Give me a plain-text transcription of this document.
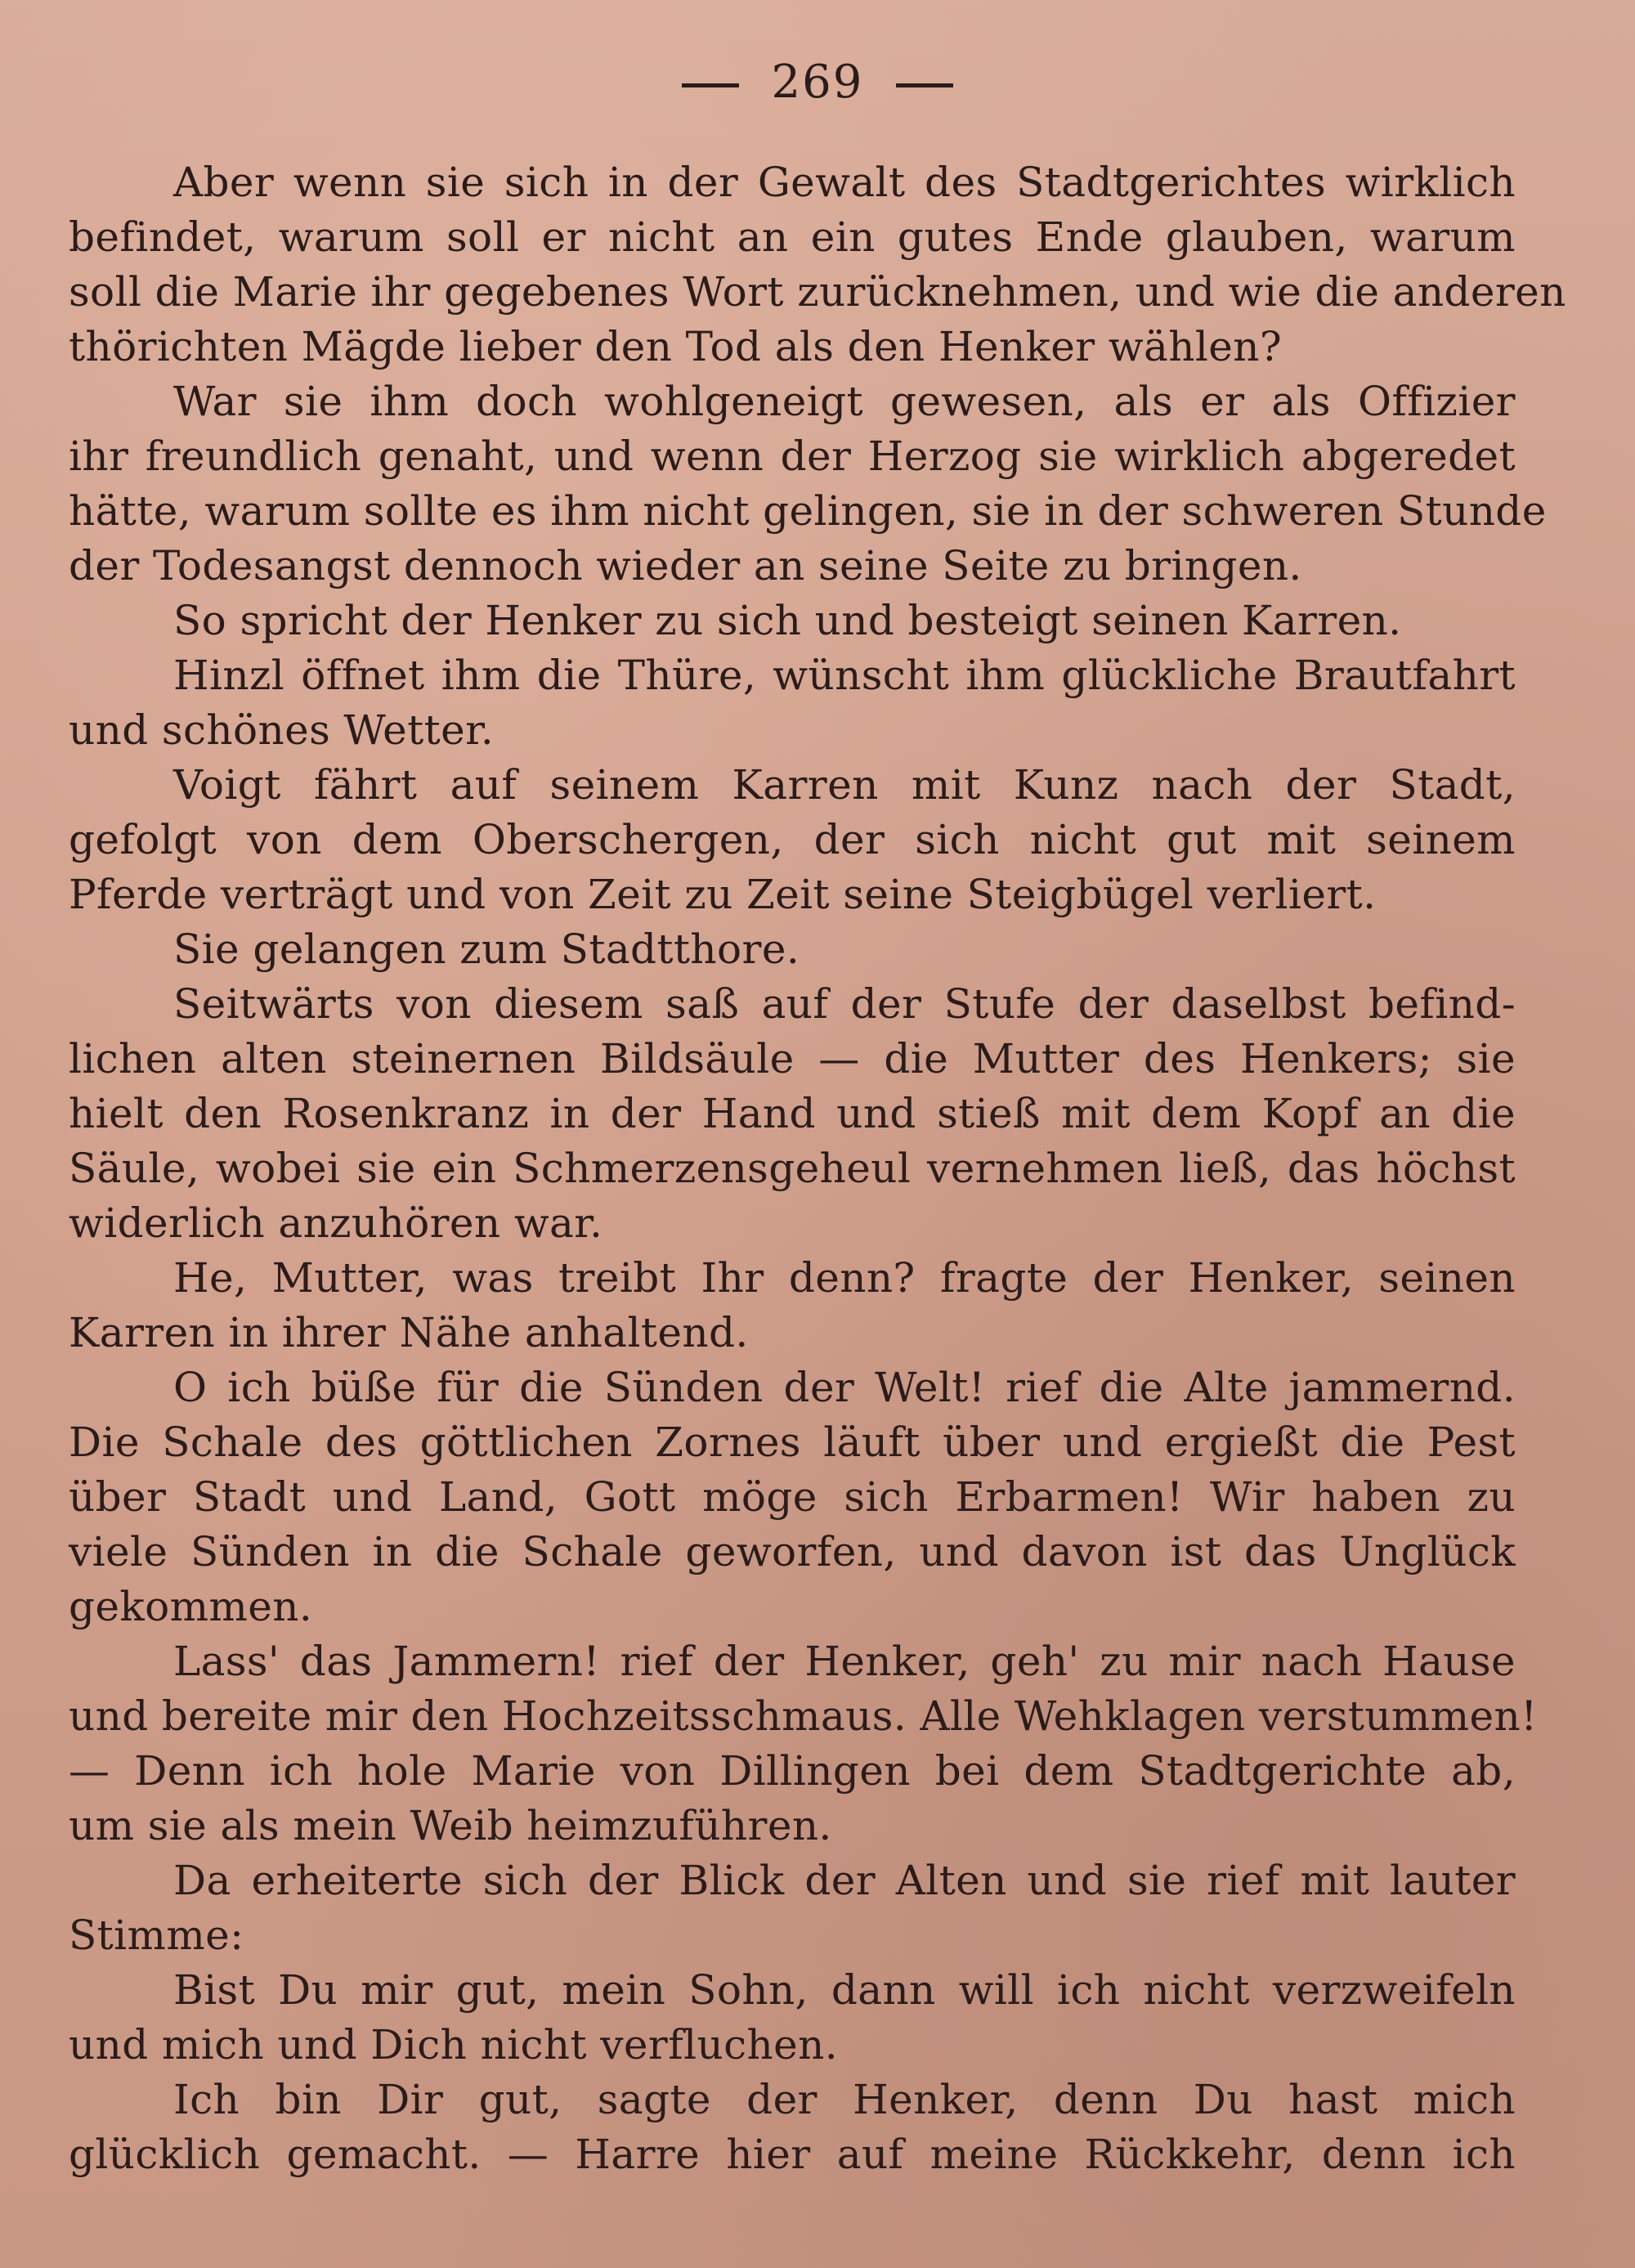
269
Aber wenn sie sich in der Gewalt des Stadtgerichtes wirklich
befindet, warum soll er nicht an ein gutes Ende glauben, warum
soll die Marie ihr gegebenes Wort zurücknehmen, und wie die anderen
thörichten Mägde lieber den Tod als den Henker wählen?
War sie ihm doch wohlgeneigt gewesen, als er als Offizier
ihr freundlich genaht, und wenn der Herzog sie wirklich abgeredet
hätte, warum sollte es ihm nicht gelingen, sie in der schweren Stunde
der Todesangst dennoch wieder an seine Seite zu bringen.
So spricht der Henker zu sich und besteigt seinen Karren.
Hinzl öffnet ihm die Thüre, wünscht ihm glückliche Brautfahrt
und schönes Wetter.
Voigt fährt auf seinem Karren mit Kunz nach der Stadt,
gefolgt von dem Oberschergen, der sich nicht gut mit seinem
Pferde verträgt und von Zeit zu Zeit seine Steigbügel verliert.
Sie gelangen zum Stadtthore.
Seitwärts von diesem saß auf der Stufe der daselbst befind-
lichen alten steinernen Bildsäule — die Mutter des Henkers; sie
hielt den Rosenkranz in der Hand und stieß mit dem Kopf an die
Säule, wobei sie ein Schmerzensgeheul vernehmen ließ, das höchst
widerlich anzuhören war.
He, Mutter, was treibt Ihr denn? fragte der Henker, seinen
Karren in ihrer Nähe anhaltend.
O ich büße für die Sünden der Welt! rief die Alte jammernd.
Die Schale des göttlichen Zornes läuft über und ergießt die Pest
über Stadt und Land, Gott möge sich Erbarmen! Wir haben zu
viele Sünden in die Schale geworfen, und davon ist das Unglück
gekommen.
Lass' das Jammern! rief der Henker, geh' zu mir nach Hause
und bereite mir den Hochzeitsschmaus. Alle Wehklagen verstummen!
— Denn ich hole Marie von Dillingen bei dem Stadtgerichte ab,
um sie als mein Weib heimzuführen.
Da erheiterte sich der Blick der Alten und sie rief mit lauter
Stimme:
Bist Du mir gut, mein Sohn, dann will ich nicht verzweifeln
und mich und Dich nicht verfluchen.
Ich bin Dir gut, sagte der Henker, denn Du hast mich
glücklich gemacht. — Harre hier auf meine Rückkehr, denn ich
